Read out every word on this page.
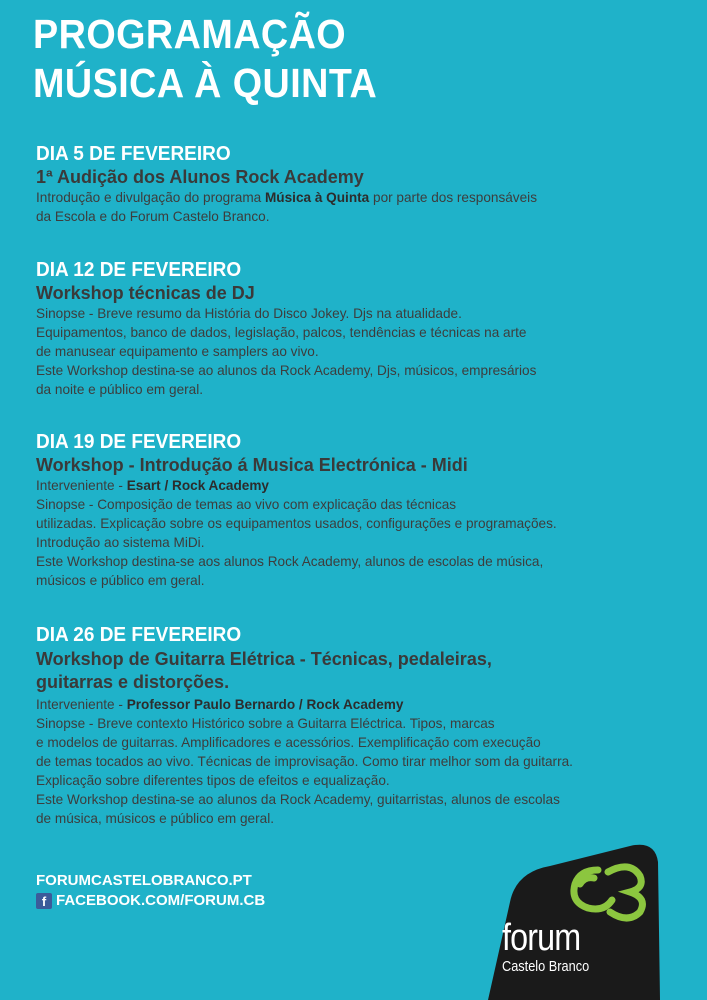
PROGRAMAÇÃO
MÚSICA À QUINTA
DIA 5 DE FEVEREIRO
1ª Audição dos Alunos Rock Academy
Introdução e divulgação do programa Música à Quinta por parte dos responsáveis
da Escola e do Forum Castelo Branco.
DIA 12 DE FEVEREIRO
Workshop técnicas de DJ
Sinopse - Breve resumo da História do Disco Jokey. Djs na atualidade.
Equipamentos, banco de dados, legislação, palcos, tendências e técnicas na arte
de manusear equipamento e samplers ao vivo.
Este Workshop destina-se ao alunos da Rock Academy, Djs, músicos, empresários
da noite e público em geral.
DIA 19 DE FEVEREIRO
Workshop - Introdução á Musica Electrónica - Midi
Interveniente - Esart / Rock Academy
Sinopse - Composição de temas ao vivo com explicação das técnicas
utilizadas. Explicação sobre os equipamentos usados, configurações e programações.
Introdução ao sistema MiDi.
Este Workshop destina-se aos alunos Rock Academy, alunos de escolas de música,
músicos e público em geral.
DIA 26 DE FEVEREIRO
Workshop de Guitarra Elétrica - Técnicas, pedaleiras,
guitarras e distorções.
Interveniente - Professor Paulo Bernardo / Rock Academy
Sinopse - Breve contexto Histórico sobre a Guitarra Eléctrica. Tipos, marcas
e modelos de guitarras. Amplificadores e acessórios. Exemplificação com execução
de temas tocados ao vivo. Técnicas de improvisação. Como tirar melhor som da guitarra.
Explicação sobre diferentes tipos de efeitos e equalização.
Este Workshop destina-se ao alunos da Rock Academy, guitarristas, alunos de escolas
de música, músicos e público em geral.
FORUMCASTELOBRANCO.PT
f FACEBOOK.COM/FORUM.CB
forum
Castelo Branco
